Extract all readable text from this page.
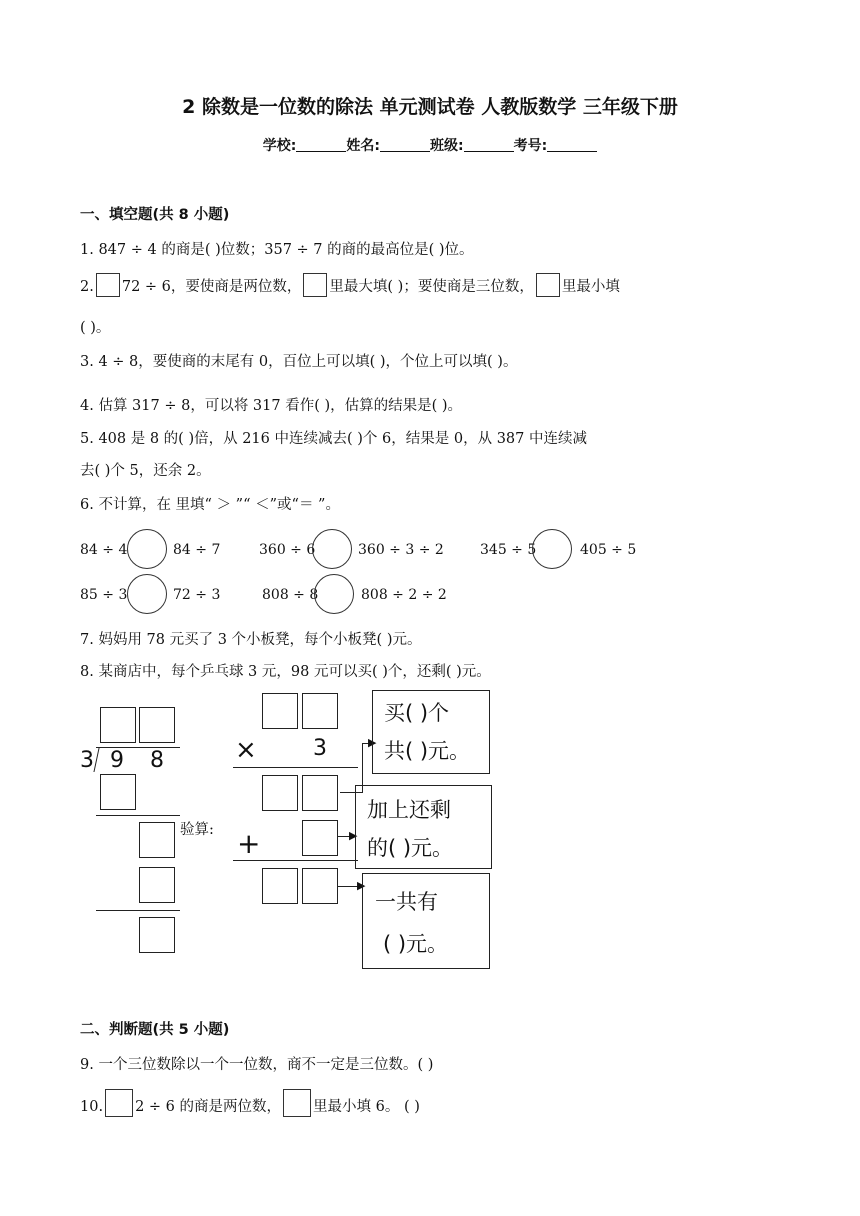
2 除数是一位数的除法 单元测试卷 人教版数学 三年级下册
学校:	姓名:	班级:	考号:
一、填空题(共 8 小题)
1. 847 ÷ 4 的商是( )位数；357 ÷ 7 的商的最高位是( )位。
2. 72 ÷ 6，要使商是两位数， 里最大填( )；要使商是三位数， 里最小填
( )。
3. 4 ÷ 8，要使商的末尾有 0，百位上可以填( )，个位上可以填( )。
4. 估算 317 ÷ 8，可以将 317 看作( )，估算的结果是( )。
5. 408 是 8 的( )倍，从 216 中连续减去( )个 6，结果是 0，从 387 中连续减
去( )个 5，还余 2。
6. 不计算，在 里填“ ＞ ”“ ＜”或“＝ ”。
84 ÷ 4	84 ÷ 7	360 ÷ 6	360 ÷ 3 ÷ 2	345 ÷ 5	405 ÷ 5
85 ÷ 3	72 ÷ 3	808 ÷ 8	808 ÷ 2 ÷ 2
7. 妈妈用 78 元买了 3 个小板凳，每个小板凳( )元。
8. 某商店中，每个乒乓球 3 元，98 元可以买( )个，还剩( )元。
3 9 8
验算:
×	3
+
▶
▶
▶
买( )个
共( )元。
加上还剩
的( )元。
一共有
( )元。
二、判断题(共 5 小题)
9. 一个三位数除以一个一位数，商不一定是三位数。( )
10. 2 ÷ 6 的商是两位数， 里最小填 6。 ( )
